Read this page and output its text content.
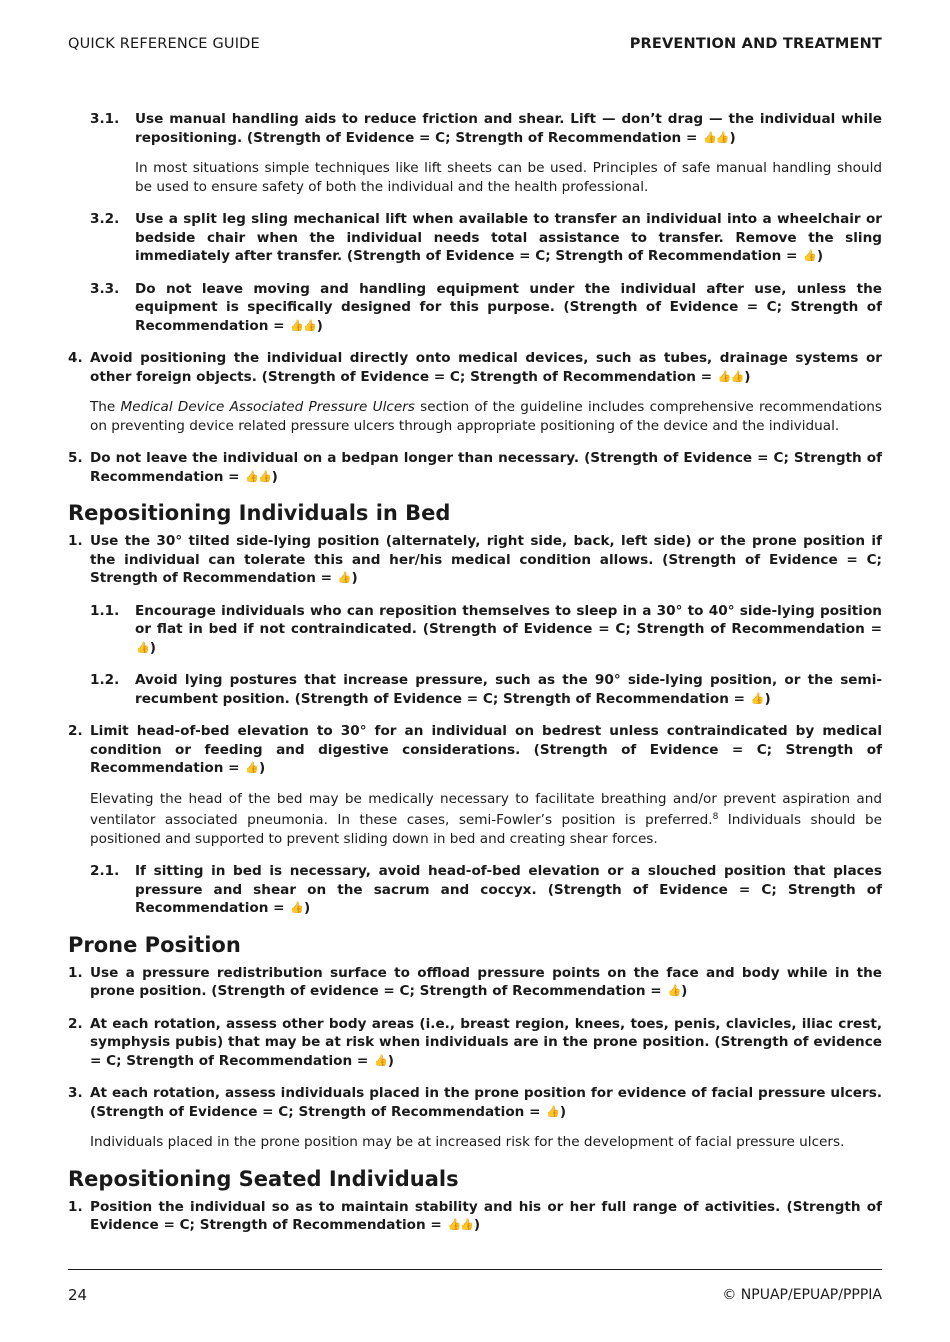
QUICK REFERENCE GUIDE	PREVENTION AND TREATMENT
3.1.	Use manual handling aids to reduce friction and shear. Lift — don’t drag — the individual while repositioning. (Strength of Evidence = C; Strength of Recommendation = 👍👍)
In most situations simple techniques like lift sheets can be used. Principles of safe manual handling should be used to ensure safety of both the individual and the health professional.
3.2.	Use a split leg sling mechanical lift when available to transfer an individual into a wheelchair or bedside chair when the individual needs total assistance to transfer. Remove the sling immediately after transfer. (Strength of Evidence = C; Strength of Recommendation = 👍)
3.3.	Do not leave moving and handling equipment under the individual after use, unless the equipment is specifically designed for this purpose. (Strength of Evidence = C; Strength of Recommendation = 👍👍)
4. Avoid positioning the individual directly onto medical devices, such as tubes, drainage systems or other foreign objects. (Strength of Evidence = C; Strength of Recommendation = 👍👍)
The Medical Device Associated Pressure Ulcers section of the guideline includes comprehensive recommendations on preventing device related pressure ulcers through appropriate positioning of the device and the individual.
5. Do not leave the individual on a bedpan longer than necessary. (Strength of Evidence = C; Strength of Recommendation = 👍👍)
Repositioning Individuals in Bed
1. Use the 30° tilted side-lying position (alternately, right side, back, left side) or the prone position if the individual can tolerate this and her/his medical condition allows. (Strength of Evidence = C; Strength of Recommendation = 👍)
1.1.	Encourage individuals who can reposition themselves to sleep in a 30° to 40° side-lying position or flat in bed if not contraindicated. (Strength of Evidence = C; Strength of Recommendation = 👍)
1.2.	Avoid lying postures that increase pressure, such as the 90° side-lying position, or the semi-recumbent position. (Strength of Evidence = C; Strength of Recommendation = 👍)
2. Limit head-of-bed elevation to 30° for an individual on bedrest unless contraindicated by medical condition or feeding and digestive considerations. (Strength of Evidence = C; Strength of Recommendation = 👍)
Elevating the head of the bed may be medically necessary to facilitate breathing and/or prevent aspiration and ventilator associated pneumonia. In these cases, semi-Fowler’s position is preferred.$^8$ Individuals should be positioned and supported to prevent sliding down in bed and creating shear forces.
2.1.	If sitting in bed is necessary, avoid head-of-bed elevation or a slouched position that places pressure and shear on the sacrum and coccyx. (Strength of Evidence = C; Strength of Recommendation = 👍)
Prone Position
1. Use a pressure redistribution surface to offload pressure points on the face and body while in the prone position. (Strength of evidence = C; Strength of Recommendation = 👍)
2. At each rotation, assess other body areas (i.e., breast region, knees, toes, penis, clavicles, iliac crest, symphysis pubis) that may be at risk when individuals are in the prone position. (Strength of evidence = C; Strength of Recommendation = 👍)
3. At each rotation, assess individuals placed in the prone position for evidence of facial pressure ulcers. (Strength of Evidence = C; Strength of Recommendation = 👍)
Individuals placed in the prone position may be at increased risk for the development of facial pressure ulcers.
Repositioning Seated Individuals
1. Position the individual so as to maintain stability and his or her full range of activities. (Strength of Evidence = C; Strength of Recommendation = 👍👍)
24	© NPUAP/EPUAP/PPPIA
